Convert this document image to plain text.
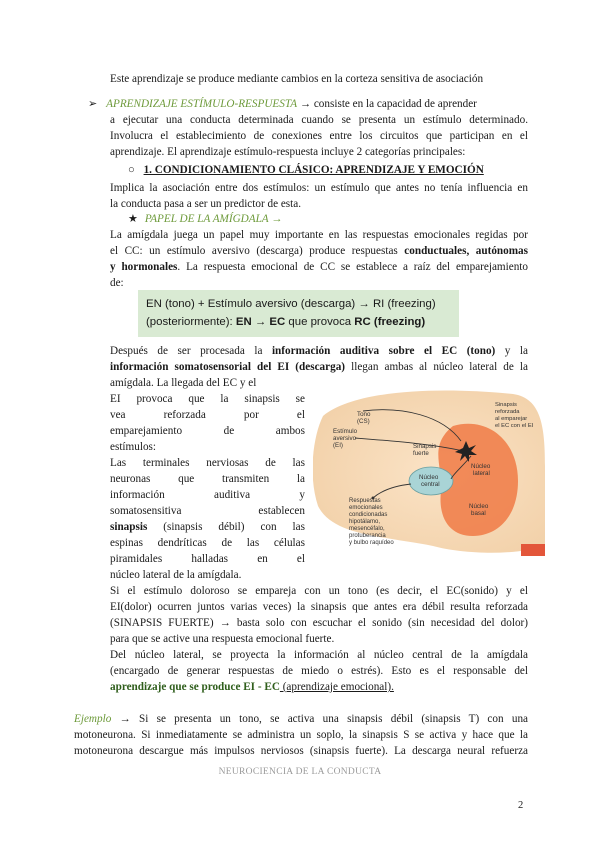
Este aprendizaje se produce mediante cambios en la corteza sensitiva de asociación
➢ APRENDIZAJE ESTÍMULO-RESPUESTA → consiste en la capacidad de aprender
a ejecutar una conducta determinada cuando se presenta un estímulo determinado.
Involucra el establecimiento de conexiones entre los circuitos que participan en el
aprendizaje. El aprendizaje estímulo-respuesta incluye 2 categorías principales:
○ 1. CONDICIONAMIENTO CLÁSICO: APRENDIZAJE Y EMOCIÓN
Implica la asociación entre dos estímulos: un estímulo que antes no tenía influencia en
la conducta pasa a ser un predictor de esta.
★ PAPEL DE LA AMÍGDALA →
La amígdala juega un papel muy importante en las respuestas emocionales regidas por
el CC: un estímulo aversivo (descarga) produce respuestas conductuales, autónomas
y hormonales. La respuesta emocional de CC se establece a raíz del emparejamiento
de:
EN (tono) + Estímulo aversivo (descarga) → RI (freezing)
(posteriormente): EN → EC que provoca RC (freezing)
Después de ser procesada la información auditiva sobre el EC (tono) y la
información somatosensorial del EI (descarga) llegan ambas al núcleo lateral de la
amígdala. La llegada del EC y el
EI provoca que la sinapsis se
vea reforzada por el
emparejamiento de ambos
estímulos:
Las terminales nerviosas de las
neuronas que transmiten la
información auditiva y
somatosensitiva establecen
sinapsis (sinapsis débil) con las
espinas dendríticas de las células
piramidales halladas en el
núcleo lateral de la amígdala.
Tono
(CS)
Estímulo
aversivo
(EI)
Sinapsis
reforzada
al emparejar
el EC con el EI
Sinapsis
fuerte
Núcleo
central
Núcleo
lateral
Núcleo
basal
Respuestas
emocionales
condicionadas
hipotálamo,
mesencéfalo,
protuberancia
y bulbo raquídeo
Si el estímulo doloroso se empareja con un tono (es decir, el EC(sonido) y el
EI(dolor) ocurren juntos varias veces) la sinapsis que antes era débil resulta reforzada
(SINAPSIS FUERTE) → basta solo con escuchar el sonido (sin necesidad del dolor)
para que se active una respuesta emocional fuerte.
Del núcleo lateral, se proyecta la información al núcleo central de la amígdala
(encargado de generar respuestas de miedo o estrés). Esto es el responsable del
aprendizaje que se produce EI - EC (aprendizaje emocional).
Ejemplo → Si se presenta un tono, se activa una sinapsis débil (sinapsis T) con una
motoneurona. Si inmediatamente se administra un soplo, la sinapsis S se activa y hace que la
motoneurona descargue más impulsos nerviosos (sinapsis fuerte). La descarga neural refuerza
NEUROCIENCIA DE LA CONDUCTA
2
